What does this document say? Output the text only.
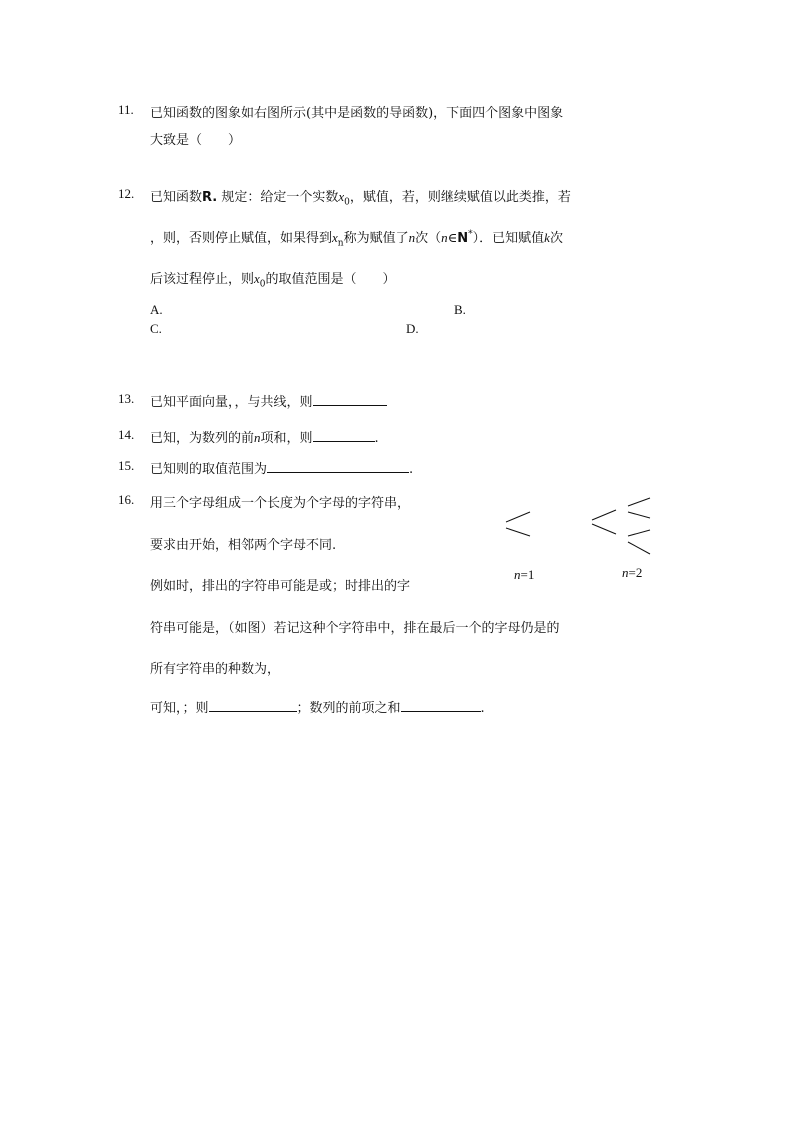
11. 已知函数的图象如右图所示(其中是函数的导函数)，下面四个图象中图象
大致是（　　）
12. 已知函数R. 规定：给定一个实数$x_0$，赋值，若，则继续赋值以此类推，若
，则，否则停止赋值，如果得到$x_n$称为赋值了n次（n∈N*）．已知赋值k次
后该过程停止，则$x_0$的取值范围是（　　）
A.	B.
C.	D.
13. 已知平面向量，，与共线，则
14. 已知，为数列的前n项和，则	.
15. 已知则的取值范围为	.
16. 用三个字母组成一个长度为个字母的字符串，
要求由开始，相邻两个字母不同.
例如时，排出的字符串可能是或；时排出的字
符串可能是，（如图）若记这种个字符串中，排在最后一个的字母仍是的
所有字符串的种数为，
可知，；则	；数列的前项之和	.
n=1	n=2
